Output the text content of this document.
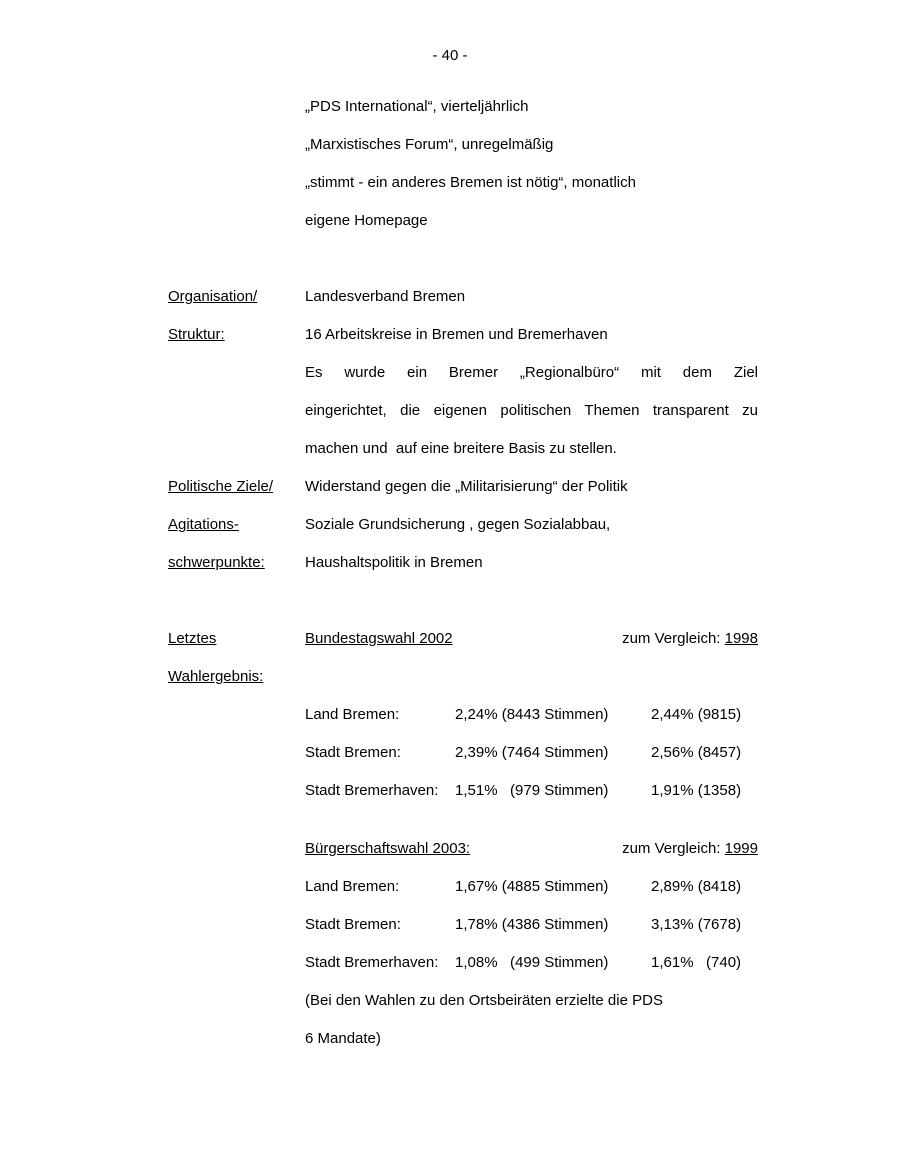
- 40 -
„PDS International“, vierteljährlich
„Marxistisches Forum“, unregelmäßig
„stimmt - ein anderes Bremen ist nötig“, monatlich
eigene Homepage
Organisation/	Landesverband Bremen
Struktur:	16 Arbeitskreise in Bremen und Bremerhaven
Es wurde ein Bremer „Regionalbüro“ mit dem Ziel
eingerichtet, die eigenen politischen Themen transparent zu
machen und  auf eine breitere Basis zu stellen.
Politische Ziele/	Widerstand gegen die „Militarisierung“ der Politik
Agitations-	Soziale Grundsicherung , gegen Sozialabbau,
schwerpunkte:	Haushaltspolitik in Bremen
Letztes	Bundestagswahl 2002	zum Vergleich: 1998
Wahlergebnis:
Land Bremen:	2,24% (8443 Stimmen)	2,44% (9815)
Stadt Bremen:	2,39% (7464 Stimmen)	2,56% (8457)
Stadt Bremerhaven:	1,51%   (979 Stimmen)	1,91% (1358)
Bürgerschaftswahl 2003:	zum Vergleich: 1999
Land Bremen:	1,67% (4885 Stimmen)	2,89% (8418)
Stadt Bremen:	1,78% (4386 Stimmen)	3,13% (7678)
Stadt Bremerhaven:	1,08%   (499 Stimmen)	1,61%   (740)
(Bei den Wahlen zu den Ortsbeiräten erzielte die PDS
6 Mandate)
